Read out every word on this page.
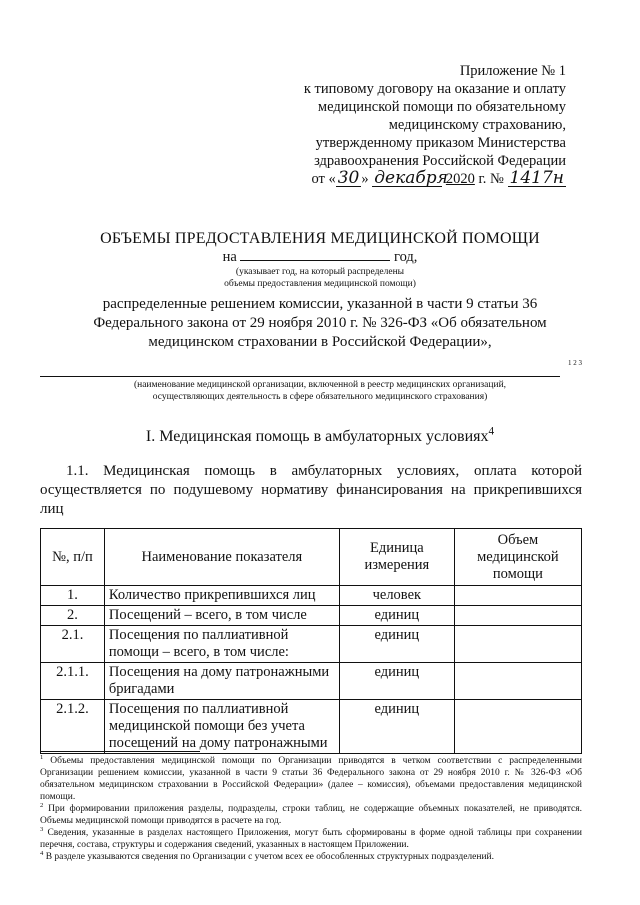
Приложение № 1
к типовому договору на оказание и оплату
медицинской помощи по обязательному
медицинскому страхованию,
утвержденному приказом Министерства
здравоохранения Российской Федерации
от « 30 » декабря 2020 г. № 1417н
ОБЪЕМЫ ПРЕДОСТАВЛЕНИЯ МЕДИЦИНСКОЙ ПОМОЩИ
на	год,
(указывает год, на который распределены
объемы предоставления медицинской помощи)
распределенные решением комиссии, указанной в части 9 статьи 36 Федерального закона от 29 ноября 2010 г. № 326-ФЗ «Об обязательном медицинском страховании в Российской Федерации»,
1 2 3
(наименование медицинской организации, включенной в реестр медицинских организаций,
осуществляющих деятельность в сфере обязательного медицинского страхования)
I. Медицинская помощь в амбулаторных условиях$^4$
1.1. Медицинская помощь в амбулаторных условиях, оплата которой осуществляется по подушевому нормативу финансирования на прикрепившихся лиц
№, п/п	Наименование показателя	Единица измерения	Объем медицинской помощи
1.	Количество прикрепившихся лиц	человек	
2.	Посещений – всего, в том числе	единиц	
2.1.	Посещения по паллиативной помощи – всего, в том числе:	единиц	
2.1.1.	Посещения на дому патронажными бригадами	единиц	
2.1.2.	Посещения по паллиативной медицинской помощи без учета посещений на дому патронажными	единиц	

$^1$ Объемы предоставления медицинской помощи по Организации приводятся в четком соответствии с распределенными Организации решением комиссии, указанной в части 9 статьи 36 Федерального закона от 29 ноября 2010 г. № 326-ФЗ «Об обязательном медицинском страховании в Российской Федерации» (далее – комиссия), объемами предоставления медицинской помощи.

$^2$ При формировании приложения разделы, подразделы, строки таблиц, не содержащие объемных показателей, не приводятся. Объемы медицинской помощи приводятся в расчете на год.

$^3$ Сведения, указанные в разделах настоящего Приложения, могут быть сформированы в форме одной таблицы при сохранении перечня, состава, структуры и содержания сведений, указанных в настоящем Приложении.

$^4$ В разделе указываются сведения по Организации с учетом всех ее обособленных структурных подразделений.
